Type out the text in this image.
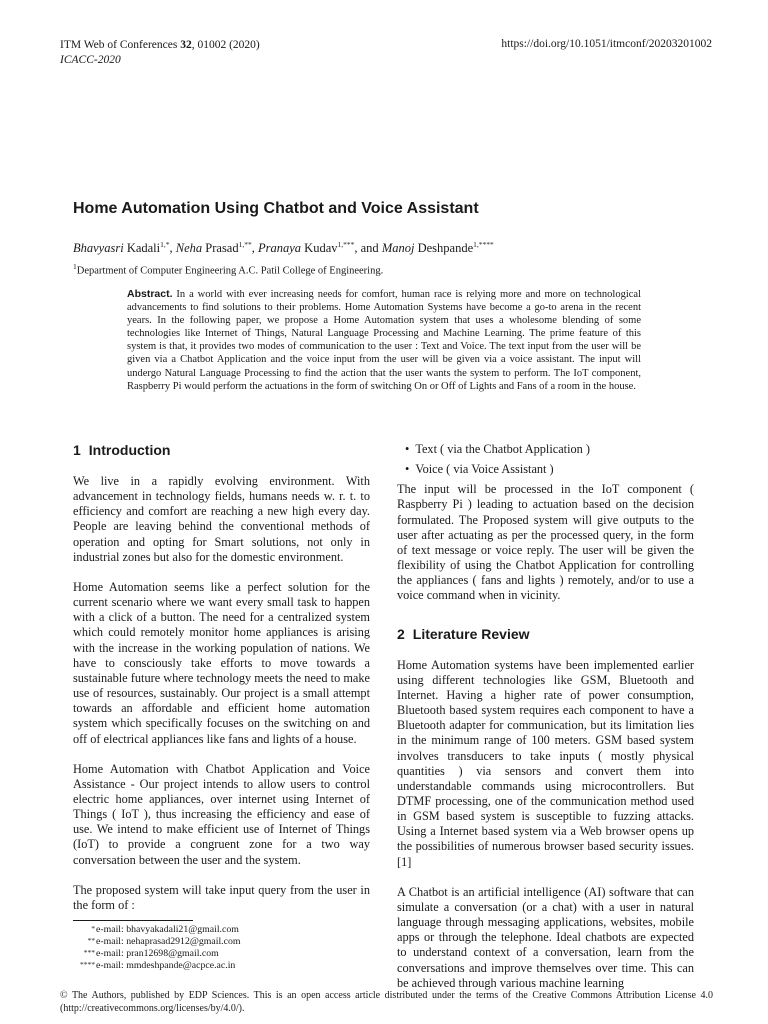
ITM Web of Conferences 32, 01002 (2020)
ICACC-2020
https://doi.org/10.1051/itmconf/20203201002
Home Automation Using Chatbot and Voice Assistant
Bhavyasri Kadali$^{1,*}$, Neha Prasad$^{1,**}$, Pranaya Kudav$^{1,***}$, and Manoj Deshpande$^{1,****}$
$^1$Department of Computer Engineering A.C. Patil College of Engineering.
Abstract. In a world with ever increasing needs for comfort, human race is relying more and more on technological advancements to find solutions to their problems. Home Automation Systems have become a go-to arena in the recent years. In the following paper, we propose a Home Automation system that uses a wholesome blending of some technologies like Internet of Things, Natural Language Processing and Machine Learning. The prime feature of this system is that, it provides two modes of communication to the user : Text and Voice. The text input from the user will be given via a Chatbot Application and the voice input from the user will be given via a voice assistant. The input will undergo Natural Language Processing to find the action that the user wants the system to perform. The IoT component, Raspberry Pi would perform the actuations in the form of switching On or Off of Lights and Fans of a room in the house.
1 Introduction

We live in a rapidly evolving environment. With advancement in technology fields, humans needs w. r. t. to efficiency and comfort are reaching a new high every day. People are leaving behind the conventional methods of operation and opting for Smart solutions, not only in industrial zones but also for the domestic environment.

Home Automation seems like a perfect solution for the current scenario where we want every small task to happen with a click of a button. The need for a centralized system which could remotely monitor home appliances is arising with the increase in the working population of nations. We have to consciously take efforts to move towards a sustainable future where technology meets the need to make use of resources, sustainably. Our project is a small attempt towards an affordable and efficient home automation system which specifically focuses on the switching on and off of electrical appliances like fans and lights of a house.

Home Automation with Chatbot Application and Voice Assistance - Our project intends to allow users to control electric home appliances, over internet using Internet of Things ( IoT ), thus increasing the efficiency and ease of use. We intend to make efficient use of Internet of Things (IoT) to provide a congruent zone for a two way conversation between the user and the system.

The proposed system will take input query from the user in the form of :

• Text ( via the Chatbot Application )
• Voice ( via Voice Assistant )

The input will be processed in the IoT component ( Raspberry Pi ) leading to actuation based on the decision formulated. The Proposed system will give outputs to the user after actuating as per the processed query, in the form of text message or voice reply. The user will be given the flexibility of using the Chatbot Application for controlling the appliances ( fans and lights ) remotely, and/or to use a voice command when in vicinity.

2 Literature Review

Home Automation systems have been implemented earlier using different technologies like GSM, Bluetooth and Internet. Having a higher rate of power consumption, Bluetooth based system requires each component to have a Bluetooth adapter for communication, but its limitation lies in the minimum range of 100 meters. GSM based system involves transducers to take inputs ( mostly physical quantities ) via sensors and convert them into understandable commands using microcontrollers. But DTMF processing, one of the communication method used in GSM based system is susceptible to fuzzing attacks. Using a Internet based system via a Web browser opens up the possibilities of numerous browser based security issues.[1]

A Chatbot is an artificial intelligence (AI) software that can simulate a conversation (or a chat) with a user in natural language through messaging applications, websites, mobile apps or through the telephone. Ideal chatbots are expected to understand context of a conversation, learn from the conversations and improve themselves over time. This can be achieved through various machine learning

* e-mail: bhavyakadali21@gmail.com
** e-mail: nehaprasad2912@gmail.com
*** e-mail: pran12698@gmail.com
**** e-mail: mmdeshpande@acpce.ac.in
© The Authors, published by EDP Sciences. This is an open access article distributed under the terms of the Creative Commons Attribution License 4.0 (http://creativecommons.org/licenses/by/4.0/).
